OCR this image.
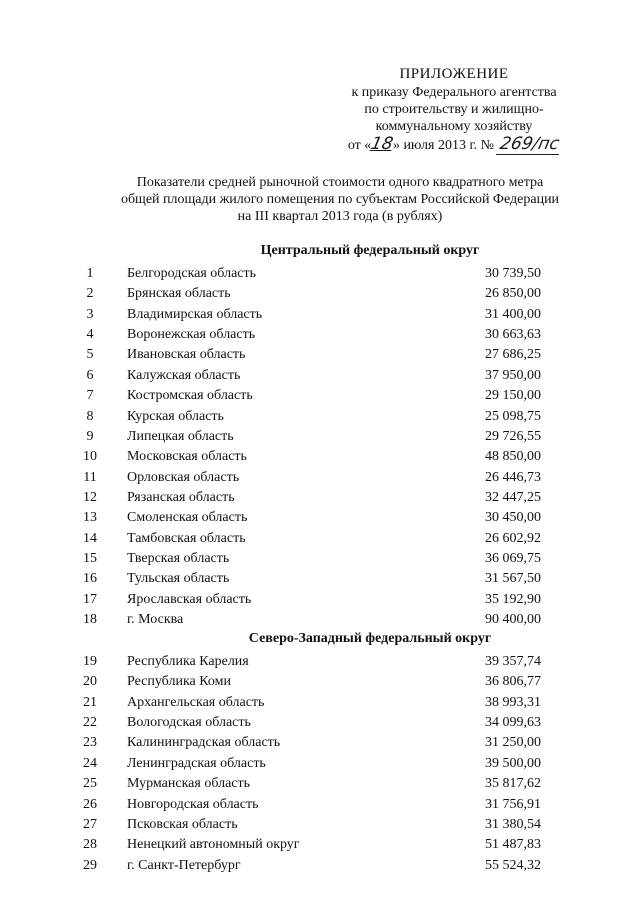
ПРИЛОЖЕНИЕ
к приказу Федерального агентства
по строительству и жилищно-
коммунальному хозяйству
от «18» июля 2013 г. № 269/пс
Показатели средней рыночной стоимости одного квадратного метра общей площади жилого помещения по субъектам Российской Федерации на III квартал 2013 года (в рублях)
Центральный федеральный округ
1	Белгородская область	30 739,50
2	Брянская область	26 850,00
3	Владимирская область	31 400,00
4	Воронежская область	30 663,63
5	Ивановская область	27 686,25
6	Калужская область	37 950,00
7	Костромская область	29 150,00
8	Курская область	25 098,75
9	Липецкая область	29 726,55
10	Московская область	48 850,00
11	Орловская область	26 446,73
12	Рязанская область	32 447,25
13	Смоленская область	30 450,00
14	Тамбовская область	26 602,92
15	Тверская область	36 069,75
16	Тульская область	31 567,50
17	Ярославская область	35 192,90
18	г. Москва	90 400,00
Северо-Западный федеральный округ
19	Республика Карелия	39 357,74
20	Республика Коми	36 806,77
21	Архангельская область	38 993,31
22	Вологодская область	34 099,63
23	Калининградская область	31 250,00
24	Ленинградская область	39 500,00
25	Мурманская область	35 817,62
26	Новгородская область	31 756,91
27	Псковская область	31 380,54
28	Ненецкий автономный округ	51 487,83
29	г. Санкт-Петербург	55 524,32
